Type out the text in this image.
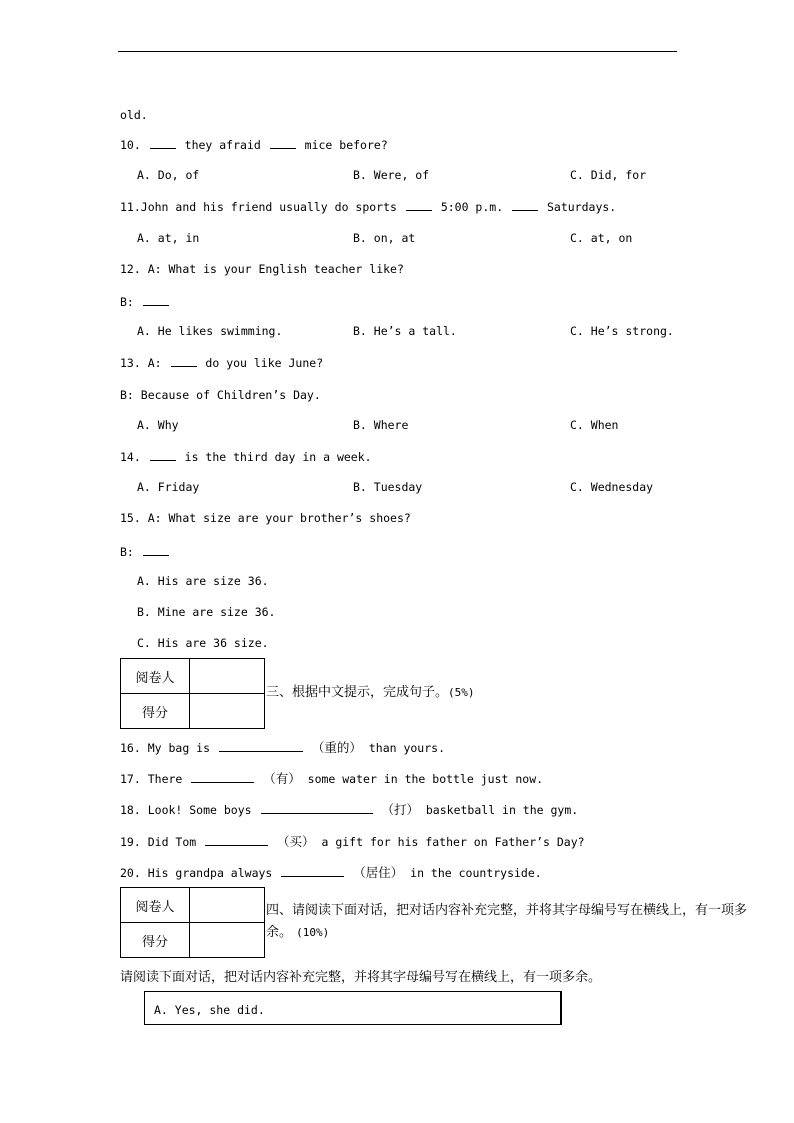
old.
10.	they afraid	mice before?
A. Do, of	B. Were, of	C. Did, for
11.John and his friend usually do sports	5:00 p.m.	Saturdays.
A. at, in	B. on, at	C. at, on
12. A: What is your English teacher like?
B:
A. He likes swimming.	B. He’s a tall.	C. He’s strong.
13. A:	do you like June?
B: Because of Children’s Day.
A. Why	B. Where	C. When
14.	is the third day in a week.
A. Friday	B. Tuesday	C. Wednesday
15. A: What size are your brother’s shoes?
B:
A. His are size 36.
B. Mine are size 36.
C. His are 36 size.
阅卷人	
得分	
三、根据中文提示，完成句子。(5%)
16. My bag is	（重的） than yours.
17. There	（有） some water in the bottle just now.
18. Look! Some boys	（打） basketball in the gym.
19. Did Tom	（买） a gift for his father on Father’s Day?
20. His grandpa always	（居住） in the countryside.
阅卷人	
得分	
四、请阅读下面对话，把对话内容补充完整，并将其字母编号写在横线上，有一项多
余。 (10%)
请阅读下面对话，把对话内容补充完整，并将其字母编号写在横线上，有一项多余。
A. Yes, she did.
